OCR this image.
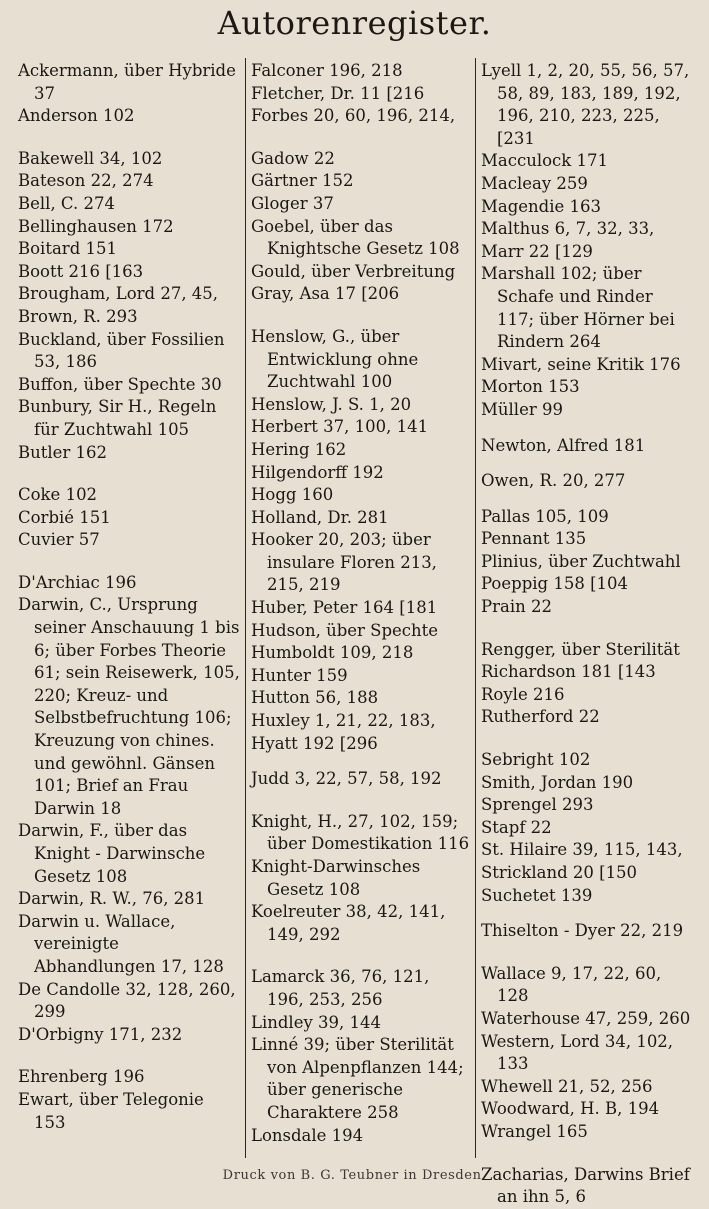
Autorenregister.
Ackermann, über Hybride 37
Anderson 102
Bakewell 34, 102
Bateson 22, 274
Bell, C. 274
Bellinghausen 172
Boitard 151
Boott 216 [163
Brougham, Lord 27, 45,
Brown, R. 293
Buckland, über Fossilien 53, 186
Buffon, über Spechte 30
Bunbury, Sir H., Regeln für Zuchtwahl 105
Butler 162
Coke 102
Corbié 151
Cuvier 57
D'Archiac 196
Darwin, C., Ursprung seiner Anschauung 1 bis 6; über Forbes Theorie 61; sein Reisewerk, 105, 220; Kreuz- und Selbstbefruchtung 106; Kreuzung von chines. und gewöhnl. Gänsen 101; Brief an Frau Darwin 18
Darwin, F., über das Knight - Darwinsche Gesetz 108
Darwin, R. W., 76, 281
Darwin u. Wallace, vereinigte Abhandlungen 17, 128
De Candolle 32, 128, 260, 299
D'Orbigny 171, 232
Ehrenberg 196
Ewart, über Telegonie 153
Falconer 196, 218
Fletcher, Dr. 11 [216
Forbes 20, 60, 196, 214,
Gadow 22
Gärtner 152
Gloger 37
Goebel, über das Knightsche Gesetz 108
Gould, über Verbreitung
Gray, Asa 17 [206
Henslow, G., über Entwicklung ohne Zuchtwahl 100
Henslow, J. S. 1, 20
Herbert 37, 100, 141
Hering 162
Hilgendorff 192
Hogg 160
Holland, Dr. 281
Hooker 20, 203; über insulare Floren 213, 215, 219
Huber, Peter 164 [181
Hudson, über Spechte
Humboldt 109, 218
Hunter 159
Hutton 56, 188
Huxley 1, 21, 22, 183,
Hyatt 192 [296
Judd 3, 22, 57, 58, 192
Knight, H., 27, 102, 159; über Domestikation 116
Knight-Darwinsches Gesetz 108
Koelreuter 38, 42, 141, 149, 292
Lamarck 36, 76, 121, 196, 253, 256
Lindley 39, 144
Linné 39; über Sterilität von Alpenpflanzen 144; über generische Charaktere 258
Lonsdale 194
Lyell 1, 2, 20, 55, 56, 57, 58, 89, 183, 189, 192, 196, 210, 223, 225, [231
Macculock 171
Macleay 259
Magendie 163
Malthus 6, 7, 32, 33,
Marr 22 [129
Marshall 102; über Schafe und Rinder 117; über Hörner bei Rindern 264
Mivart, seine Kritik 176
Morton 153
Müller 99
Newton, Alfred 181
Owen, R. 20, 277
Pallas 105, 109
Pennant 135
Plinius, über Zuchtwahl
Poeppig 158 [104
Prain 22
Rengger, über Sterilität
Richardson 181 [143
Royle 216
Rutherford 22
Sebright 102
Smith, Jordan 190
Sprengel 293
Stapf 22
St. Hilaire 39, 115, 143,
Strickland 20 [150
Suchetet 139
Thiselton - Dyer 22, 219
Wallace 9, 17, 22, 60, 128
Waterhouse 47, 259, 260
Western, Lord 34, 102, 133
Whewell 21, 52, 256
Woodward, H. B, 194
Wrangel 165
Zacharias, Darwins Brief an ihn 5, 6
Druck von B. G. Teubner in Dresden.
